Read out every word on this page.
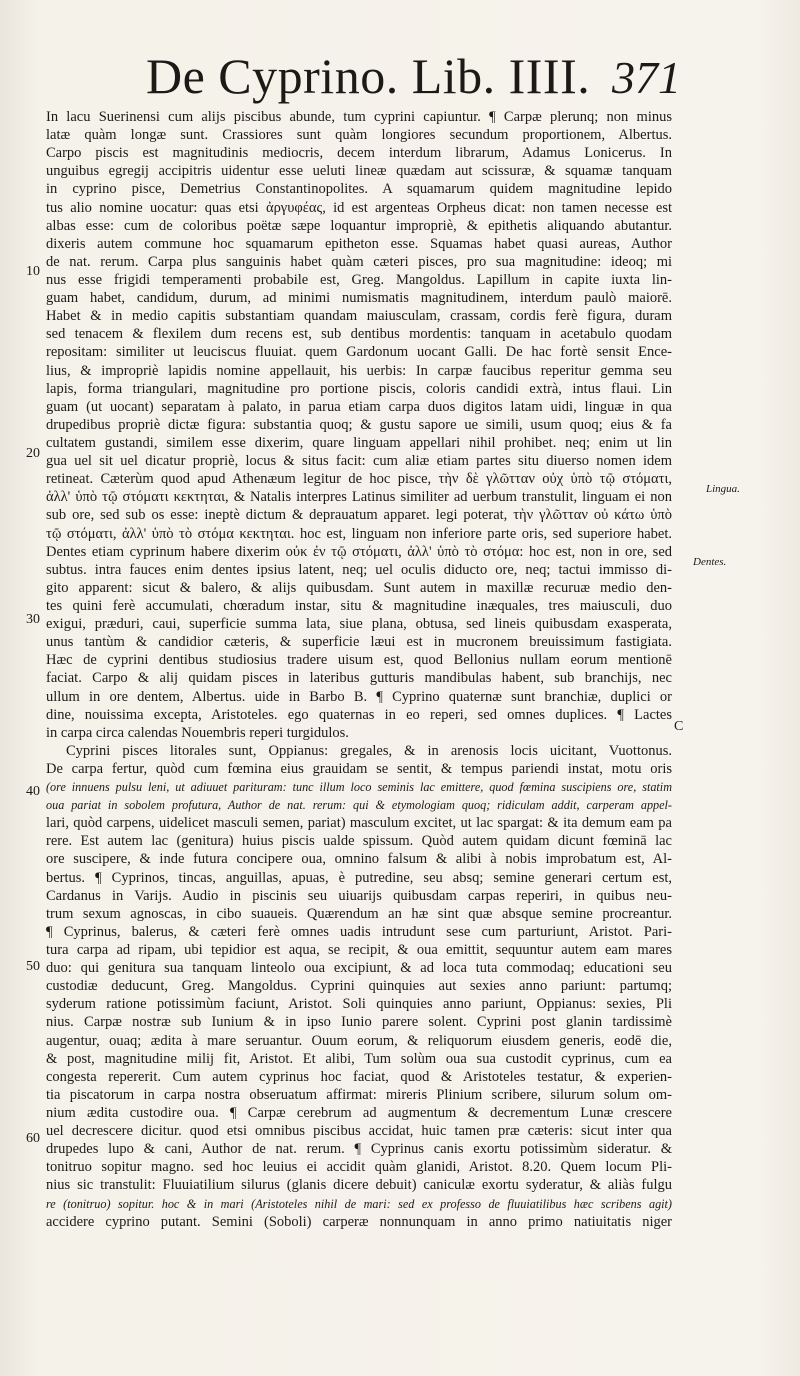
De Cyprino. Lib. IIII. 371
10
20
30
40
50
60
Lingua.
Dentes.
C
In lacu Suerinensi cum alijs piscibus abunde, tum cyprini capiuntur. ¶ Carpæ plerunq; non minus
latæ quàm longæ sunt. Crassiores sunt quàm longiores secundum proportionem, Albertus.
Carpo piscis est magnitudinis mediocris, decem interdum librarum, Adamus Lonicerus. In
unguibus egregij accipitris uidentur esse ueluti lineæ quædam aut scissuræ, & squamæ tanquam
in cyprino pisce, Demetrius Constantinopolites. A squamarum quidem magnitudine lepido
tus alio nomine uocatur: quas etsi ἀργυφέας, id est argenteas Orpheus dicat: non tamen necesse est
albas esse: cum de coloribus poëtæ sæpe loquantur impropriè, & epithetis aliquando abutantur.
dixeris autem commune hoc squamarum epitheton esse. Squamas habet quasi aureas, Author
de nat. rerum. Carpa plus sanguinis habet quàm cæteri pisces, pro sua magnitudine: ideoq; mi
nus esse frigidi temperamenti probabile est, Greg. Mangoldus. Lapillum in capite iuxta lin-
guam habet, candidum, durum, ad minimi numismatis magnitudinem, interdum paulò maiorē.
Habet & in medio capitis substantiam quandam maiusculam, crassam, cordis ferè figura, duram
sed tenacem & flexilem dum recens est, sub dentibus mordentis: tanquam in acetabulo quodam
repositam: similiter ut leuciscus fluuiat. quem Gardonum uocant Galli. De hac fortè sensit Ence-
lius, & impropriè lapidis nomine appellauit, his uerbis: In carpæ faucibus reperitur gemma seu
lapis, forma triangulari, magnitudine pro portione piscis, coloris candidi extrà, intus flaui. Lin
guam (ut uocant) separatam à palato, in parua etiam carpa duos digitos latam uidi, linguæ in qua
drupedibus propriè dictæ figura: substantia quoq; & gustu sapore ue simili, usum quoq; eius & fa
cultatem gustandi, similem esse dixerim, quare linguam appellari nihil prohibet. neq; enim ut lin
gua uel sit uel dicatur propriè, locus & situs facit: cum aliæ etiam partes situ diuerso nomen idem
retineat. Cæterùm quod apud Athenæum legitur de hoc pisce, τὴν δὲ γλῶτταν οὐχ ὑπὸ τῷ στόματι,
ἀλλ' ὑπὸ τῷ στόματι κεκτηται, & Natalis interpres Latinus similiter ad uerbum transtulit, linguam ei non
sub ore, sed sub os esse: ineptè dictum & deprauatum apparet. legi poterat, τὴν γλῶτταν οὐ κάτω ὑπὸ
τῷ στόματι, ἀλλ' ὑπὸ τὸ στόμα κεκτηται. hoc est, linguam non inferiore parte oris, sed superiore habet.
Dentes etiam cyprinum habere dixerim οὐκ ἐν τῷ στόματι, ἀλλ' ὑπὸ τὸ στόμα: hoc est, non in ore, sed
subtus. intra fauces enim dentes ipsius latent, neq; uel oculis diducto ore, neq; tactui immisso di-
gito apparent: sicut & balero, & alijs quibusdam. Sunt autem in maxillæ recuruæ medio den-
tes quini ferè accumulati, chœradum instar, situ & magnitudine inæquales, tres maiusculi, duo
exigui, præduri, caui, superficie summa lata, siue plana, obtusa, sed lineis quibusdam exasperata,
unus tantùm & candidior cæteris, & superficie læui est in mucronem breuissimum fastigiata.
Hæc de cyprini dentibus studiosius tradere uisum est, quod Bellonius nullam eorum mentionē
faciat. Carpo & alij quidam pisces in lateribus gutturis mandibulas habent, sub branchijs, nec
ullum in ore dentem, Albertus. uide in Barbo B. ¶ Cyprino quaternæ sunt branchiæ, duplici or
dine, nouissima excepta, Aristoteles. ego quaternas in eo reperi, sed omnes duplices. ¶ Lactes
in carpa circa calendas Nouembris reperi turgidulos.
Cyprini pisces litorales sunt, Oppianus: gregales, & in arenosis locis uicitant, Vuottonus.
De carpa fertur, quòd cum fœmina eius grauidam se sentit, & tempus pariendi instat, motu oris
(ore innuens pulsu leni, ut adiuuet parituram: tunc illum loco seminis lac emittere, quod fœmina suscipiens ore, statim
oua pariat in sobolem profutura, Author de nat. rerum: qui & etymologiam quoq; ridiculam addit, carperam appel-
lari, quòd carpens, uidelicet masculi semen, pariat) masculum excitet, ut lac spargat: & ita demum eam pa
rere. Est autem lac (genitura) huius piscis ualde spissum. Quòd autem quidam dicunt fœminā lac
ore suscipere, & inde futura concipere oua, omnino falsum & alibi à nobis improbatum est, Al-
bertus. ¶ Cyprinos, tincas, anguillas, apuas, è putredine, seu absq; semine generari certum est,
Cardanus in Varijs. Audio in piscinis seu uiuarijs quibusdam carpas reperiri, in quibus neu-
trum sexum agnoscas, in cibo suaueis. Quærendum an hæ sint quæ absque semine procreantur.
¶ Cyprinus, balerus, & cæteri ferè omnes uadis intrudunt sese cum parturiunt, Aristot. Pari-
tura carpa ad ripam, ubi tepidior est aqua, se recipit, & oua emittit, sequuntur autem eam mares
duo: qui genitura sua tanquam linteolo oua excipiunt, & ad loca tuta commodaq; educationi seu
custodiæ deducunt, Greg. Mangoldus. Cyprini quinquies aut sexies anno pariunt: partumq;
syderum ratione potissimùm faciunt, Aristot. Soli quinquies anno pariunt, Oppianus: sexies, Pli
nius. Carpæ nostræ sub Iunium & in ipso Iunio parere solent. Cyprini post glanin tardissimè
augentur, ouaq; ædita à mare seruantur. Ouum eorum, & reliquorum eiusdem generis, eodē die,
& post, magnitudine milij fit, Aristot. Et alibi, Tum solùm oua sua custodit cyprinus, cum ea
congesta repererit. Cum autem cyprinus hoc faciat, quod & Aristoteles testatur, & experien-
tia piscatorum in carpa nostra obseruatum affirmat: mireris Plinium scribere, silurum solum om-
nium ædita custodire oua. ¶ Carpæ cerebrum ad augmentum & decrementum Lunæ crescere
uel decrescere dicitur. quod etsi omnibus piscibus accidat, huic tamen præ cæteris: sicut inter qua
drupedes lupo & cani, Author de nat. rerum. ¶ Cyprinus canis exortu potissimùm sideratur. &
tonitruo sopitur magno. sed hoc leuius ei accidit quàm glanidi, Aristot. 8.20. Quem locum Pli-
nius sic transtulit: Fluuiatilium silurus (glanis dicere debuit) caniculæ exortu syderatur, & aliàs fulgu
re (tonitruo) sopitur. hoc & in mari (Aristoteles nihil de mari: sed ex professo de fluuiatilibus hæc scribens agit)
accidere cyprino putant. Semini (Soboli) carperæ nonnunquam in anno primo natiuitatis niger
